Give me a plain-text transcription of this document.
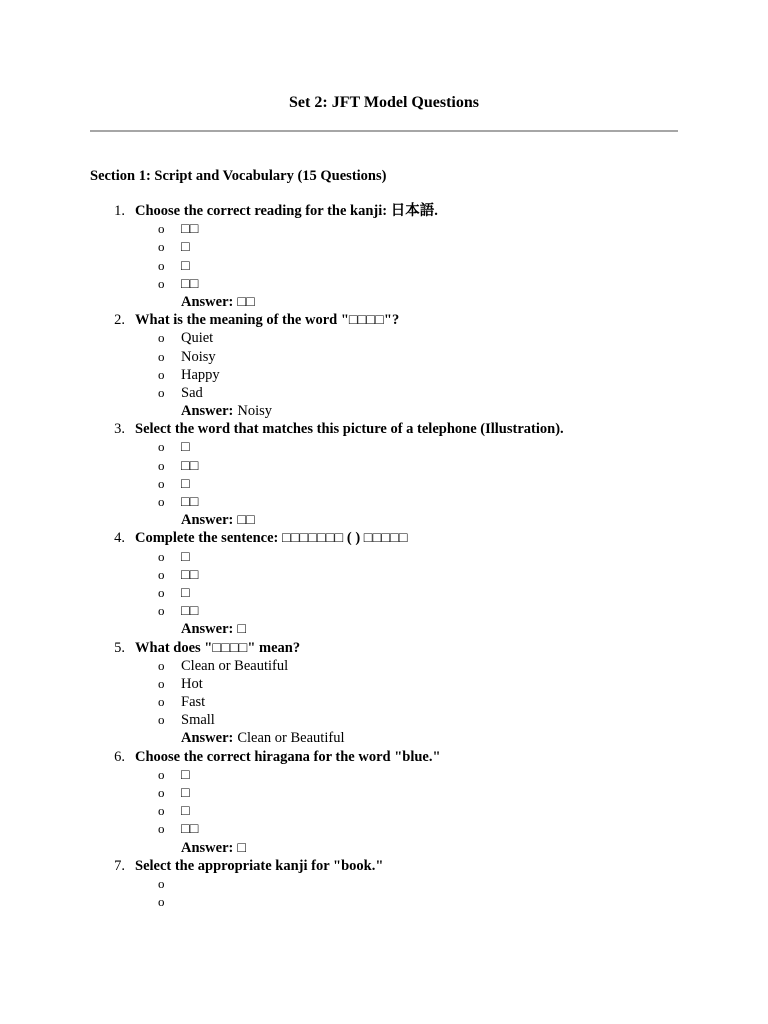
Set 2: JFT Model Questions
Section 1: Script and Vocabulary (15 Questions)
1. Choose the correct reading for the kanji: 日本語.
o □□
o □
o □
o □□
Answer: □□
2. What is the meaning of the word "□□□□"?
o Quiet
o Noisy
o Happy
o Sad
Answer: Noisy
3. Select the word that matches this picture of a telephone (Illustration).
o □
o □□
o □
o □□
Answer: □□
4. Complete the sentence: □□□□□□□ ( ) □□□□□
o □
o □□
o □
o □□
Answer: □
5. What does "□□□□" mean?
o Clean or Beautiful
o Hot
o Fast
o Small
Answer: Clean or Beautiful
6. Choose the correct hiragana for the word "blue."
o □
o □
o □
o □□
Answer: □
7. Select the appropriate kanji for "book."
o
o
